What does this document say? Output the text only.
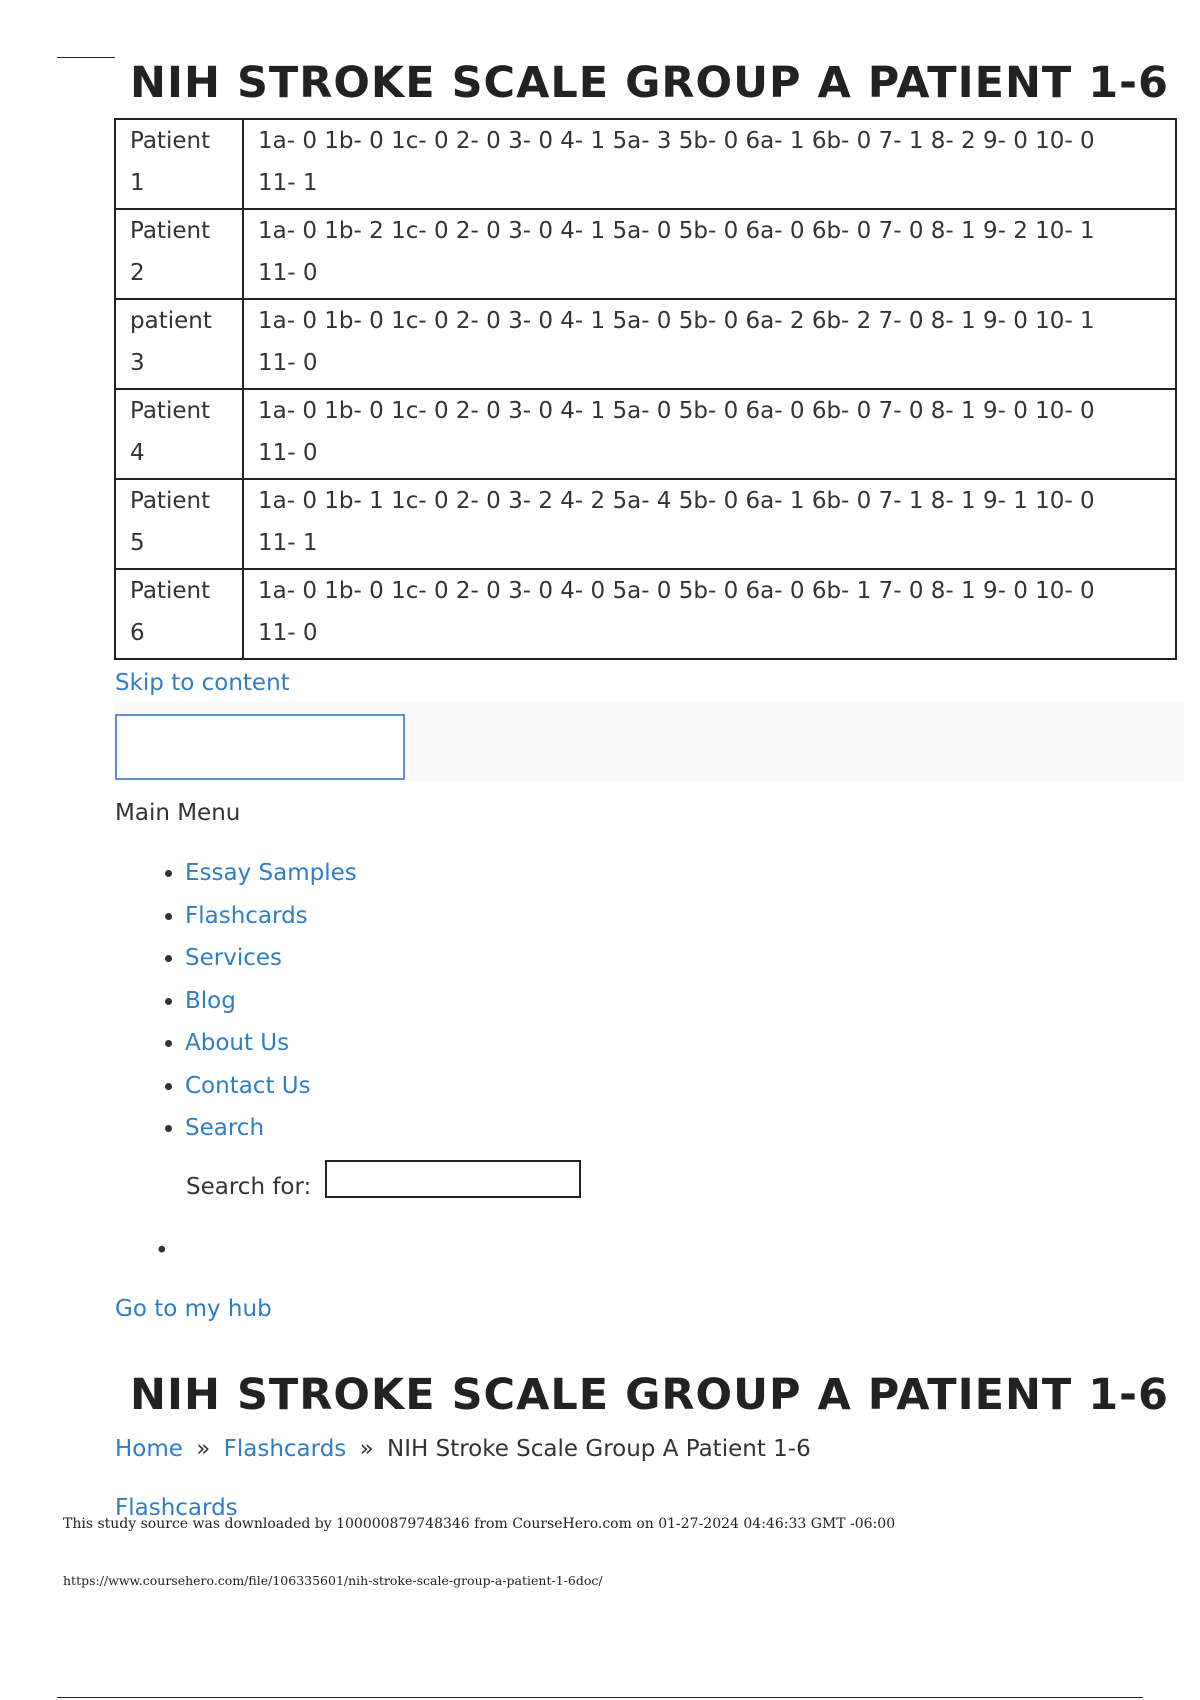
NIH STROKE SCALE GROUP A PATIENT 1-6
Patient 1	1a- 0 1b- 0 1c- 0 2- 0 3- 0 4- 1 5a- 3 5b- 0 6a- 1 6b- 0 7- 1 8- 2 9- 0 10- 0
11- 1
Patient 2	1a- 0 1b- 2 1c- 0 2- 0 3- 0 4- 1 5a- 0 5b- 0 6a- 0 6b- 0 7- 0 8- 1 9- 2 10- 1
11- 0
patient 3	1a- 0 1b- 0 1c- 0 2- 0 3- 0 4- 1 5a- 0 5b- 0 6a- 2 6b- 2 7- 0 8- 1 9- 0 10- 1
11- 0
Patient 4	1a- 0 1b- 0 1c- 0 2- 0 3- 0 4- 1 5a- 0 5b- 0 6a- 0 6b- 0 7- 0 8- 1 9- 0 10- 0
11- 0
Patient 5	1a- 0 1b- 1 1c- 0 2- 0 3- 2 4- 2 5a- 4 5b- 0 6a- 1 6b- 0 7- 1 8- 1 9- 1 10- 0
11- 1
Patient 6	1a- 0 1b- 0 1c- 0 2- 0 3- 0 4- 0 5a- 0 5b- 0 6a- 0 6b- 1 7- 0 8- 1 9- 0 10- 0
11- 0
Skip to content
Main Menu
• Essay Samples
• Flashcards
• Services
• Blog
• About Us
• Contact Us
• Search
Search for:
•
Go to my hub
NIH STROKE SCALE GROUP A PATIENT 1-6
Home » Flashcards » NIH Stroke Scale Group A Patient 1-6
Flashcards
This study source was downloaded by 100000879748346 from CourseHero.com on 01-27-2024 04:46:33 GMT -06:00
https://www.coursehero.com/file/106335601/nih-stroke-scale-group-a-patient-1-6doc/
